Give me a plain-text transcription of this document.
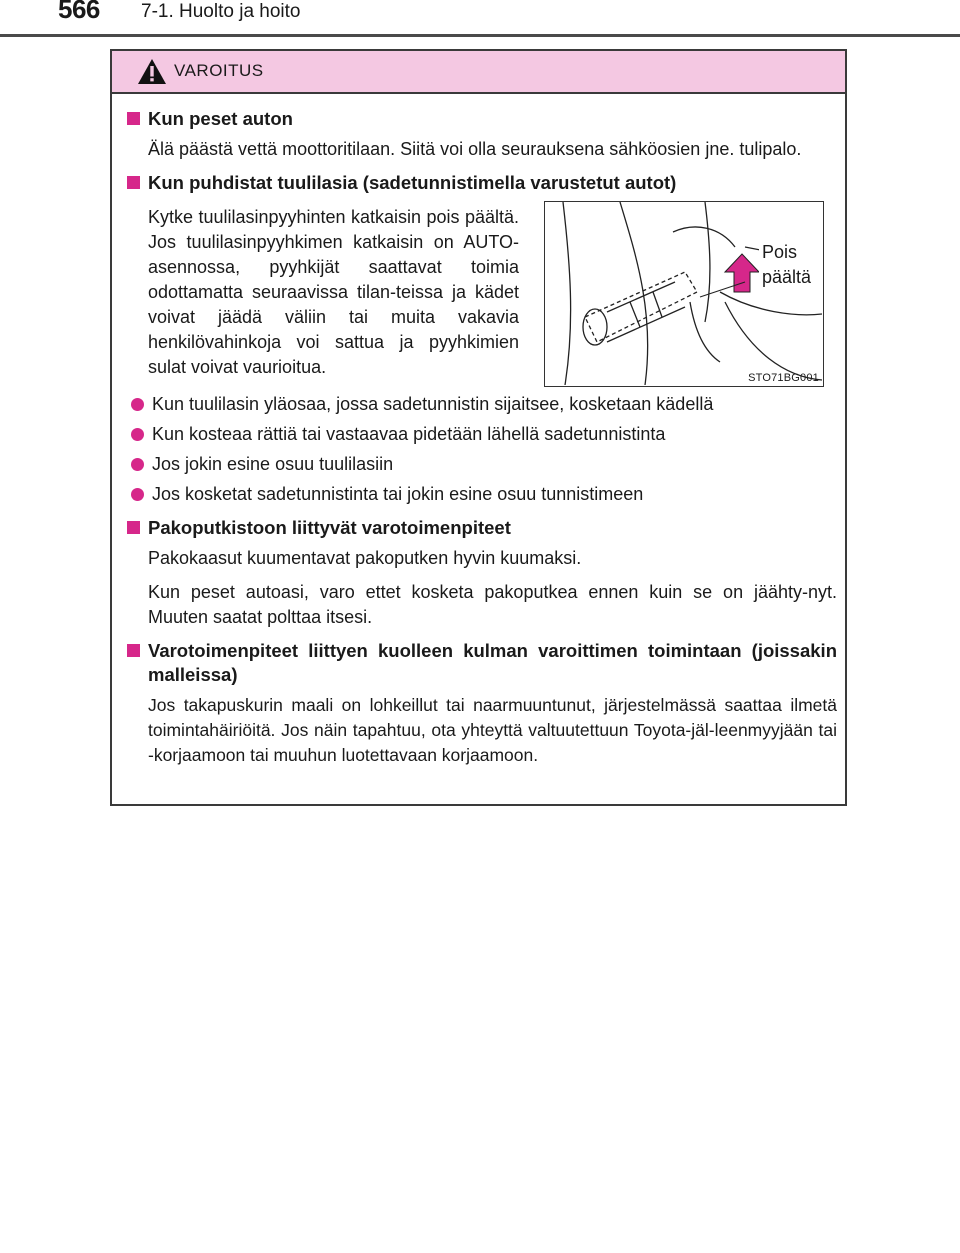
566 7-1. Huolto ja hoito
VAROITUS
Kun peset auton
Älä päästä vettä moottoritilaan. Siitä voi olla seurauksena sähköosien jne. tulipalo.
Kun puhdistat tuulilasia (sadetunnistimella varustetut autot)
Kytke tuulilasinpyyhinten katkaisin pois päältä. Jos tuulilasinpyyhkimen katkaisin on AUTO-asennossa, pyyhkijät saattavat toimia odottamatta seuraavissa tilan-teissa ja kädet voivat jäädä väliin tai muita vakavia henkilövahinkoja voi sattua ja pyyhkimien sulat voivat vaurioitua.
Pois päältä
STO71BG001
Kun tuulilasin yläosaa, jossa sadetunnistin sijaitsee, kosketaan kädellä
Kun kosteaa rättiä tai vastaavaa pidetään lähellä sadetunnistinta
Jos jokin esine osuu tuulilasiin
Jos kosketat sadetunnistinta tai jokin esine osuu tunnistimeen
Pakoputkistoon liittyvät varotoimenpiteet
Pakokaasut kuumentavat pakoputken hyvin kuumaksi.
Kun peset autoasi, varo ettet kosketa pakoputkea ennen kuin se on jäähty-nyt. Muuten saatat polttaa itsesi.
Varotoimenpiteet liittyen kuolleen kulman varoittimen toimintaan (joissakin malleissa)
Jos takapuskurin maali on lohkeillut tai naarmuuntunut, järjestelmässä saattaa ilmetä toimintahäiriöitä. Jos näin tapahtuu, ota yhteyttä valtuutettuun Toyota-jäl-leenmyyjään tai -korjaamoon tai muuhun luotettavaan korjaamoon.
